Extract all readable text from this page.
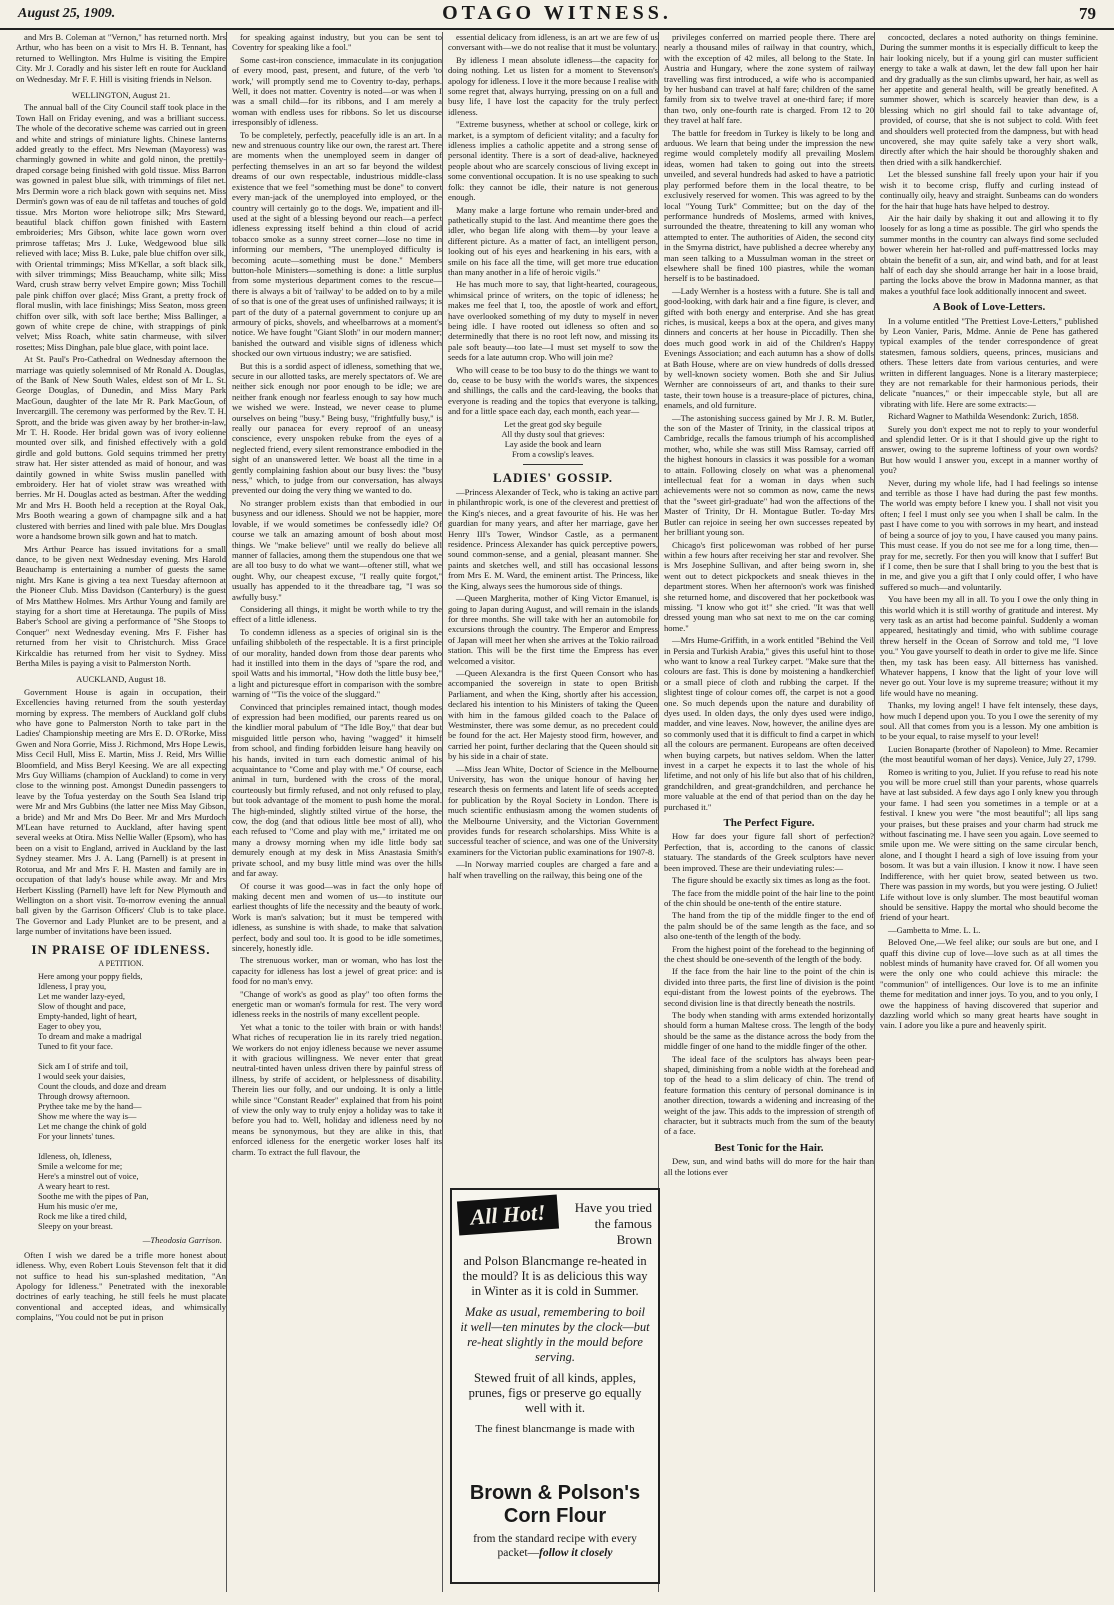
August 25, 1909.	OTAGO WITNESS.	79

and Mrs B. Coleman at "Vernon," has returned north. Mrs Arthur, who has been on a visit to Mrs H. B. Tennant, has returned to Wellington. Mrs Hulme is visiting the Empire City. Mr J. Coradly and his sister left en route for Auckland on Wednesday. Mr F. F. Hill is visiting friends in Nelson.

WELLINGTON, August 21.

The annual ball of the City Council staff took place in the Town Hall on Friday evening, and was a brilliant success. The whole of the decorative scheme was carried out in green and white and strings of miniature lights. Chinese lanterns added greatly to the effect. Mrs Newman (Mayoress) was charmingly gowned in white and gold ninon, the prettily-draped corsage being finished with gold tissue. Miss Barron was gowned in palest blue silk, with trimmings of filet net. Mrs Dermin wore a rich black gown with sequins net. Miss Dermin's gown was of eau de nil taffetas and touches of gold tissue. Mrs Morton wore heliotrope silk; Mrs Steward, beautiful black chiffon gown finished with Eastern embroideries; Mrs Gibson, white lace gown worn over primrose taffetas; Mrs J. Luke, Wedgewood blue silk relieved with lace; Miss B. Luke, pale blue chiffon over silk, with Oriental trimmings; Miss M'Kellar, a soft black silk, with silver trimmings; Miss Beauchamp, white silk; Miss Ward, crush straw berry velvet Empire gown; Miss Tochill pale pink chiffon over glacé; Miss Grant, a pretty frock of floral muslin, with lace finishings; Miss Seaton, moss green chiffon over silk, with soft lace berthe; Miss Ballinger, a gown of white crepe de chine, with strappings of pink velvet; Miss Roach, white satin charmeuse, with silver rosettes; Miss Dinghan, pale blue glace, with point lace.

At St. Paul's Pro-Cathedral on Wednesday afternoon the marriage was quietly solemnised of Mr Ronald A. Douglas, of the Bank of New South Wales, eldest son of Mr L. St. George Douglas, of Dunedin, and Miss Mary Park MacGoun, daughter of the late Mr R. Park MacGoun, of Invercargill. The ceremony was performed by the Rev. T. H. Sprott, and the bride was given away by her brother-in-law, Mr T. H. Roode. Her bridal gown was of ivory eolienne mounted over silk, and finished effectively with a gold girdle and gold buttons. Gold sequins trimmed her pretty straw hat. Her sister attended as maid of honour, and was daintily gowned in white Swiss muslin panelled with embroidery. Her hat of violet straw was wreathed with berries. Mr H. Douglas acted as bestman. After the wedding Mr and Mrs H. Booth held a reception at the Royal Oak, Mrs Booth wearing a gown of champagne silk and a hat clustered with berries and lined with pale blue. Mrs Douglas wore a handsome brown silk gown and hat to match.

Mrs Arthur Pearce has issued invitations for a small dance, to be given next Wednesday evening. Mrs Harold Beauchamp is entertaining a number of guests the same night. Mrs Kane is giving a tea next Tuesday afternoon at the Pioneer Club. Miss Davidson (Canterbury) is the guest of Mrs Matthew Holmes. Mrs Arthur Young and family are staying for a short time at Heretaunga. The pupils of Miss Baber's School are giving a performance of "She Stoops to Conquer" next Wednesday evening. Mrs F. Fisher has returned from her visit to Christchurch. Miss Grace Kirkcaldie has returned from her visit to Sydney. Miss Bertha Miles is paying a visit to Palmerston North.

AUCKLAND, August 18.

Government House is again in occupation, their Excellencies having returned from the south yesterday morning by express. The members of Auckland golf clubs who have gone to Palmerston North to take part in the Ladies' Championship meeting are Mrs E. D. O'Rorke, Miss Gwen and Nora Gorrie, Miss J. Richmond, Mrs Hope Lewis, Miss Cecil Hull, Miss E. Martin, Miss J. Reid, Mrs Willie Bloomfield, and Miss Beryl Keesing. We are all expecting Mrs Guy Williams (champion of Auckland) to come in very close to the winning post. Amongst Dunedin passengers to leave by the Tofua yesterday on the South Sea Island trip were Mr and Mrs Gubbins (the latter nee Miss May Gibson, a bride) and Mr and Mrs Do Beer. Mr and Mrs Murdoch M'Lean have returned to Auckland, after having spent several weeks at Otira. Miss Nellie Waller (Epsom), who has been on a visit to England, arrived in Auckland by the last Sydney steamer. Mrs J. A. Lang (Parnell) is at present in Rotorua, and Mr and Mrs F. H. Masten and family are in occupation of that lady's house while away. Mr and Mrs Herbert Kissling (Parnell) have left for New Plymouth and Wellington on a short visit. To-morrow evening the annual ball given by the Garrison Officers' Club is to take place. The Governor and Lady Plunket are to be present, and a large number of invitations have been issued.

IN PRAISE OF IDLENESS.
A PETITION.
Here among your poppy fields,
Idleness, I pray you,
Let me wander lazy-eyed,
Slow of thought and pace,
Empty-handed, light of heart,
Eager to obey you,
To dream and make a madrigal
Tuned to fit your face.

Sick am I of strife and toil,
I would seek your daisies,
Count the clouds, and doze and dream
Through drowsy afternoon.
Prythee take me by the hand—
Show me where the way is—
Let me change the chink of gold
For your linnets' tunes.

Idleness, oh, Idleness,
Smile a welcome for me;
Here's a minstrel out of voice,
A weary heart to rest.
Soothe me with the pipes of Pan,
Hum his music o'er me,
Rock me like a tired child,
Sleepy on your breast.
—Theodosia Garrison.

Often I wish we dared be a trifle more honest about idleness. Why, even Robert Louis Stevenson felt that it did not suffice to head his sun-splashed meditation, "An Apology for Idleness." Penetrated with the inexorable doctrines of early teaching, he still feels he must placate conventional and accepted ideas, and whimsically complains, "You could not be put in prison

for speaking against industry, but you can be sent to Coventry for speaking like a fool."

Some cast-iron conscience, immaculate in its conjugation of every mood, past, present, and future, of the verb 'to work,' will promptly send me to Coventry to-day, perhaps. Well, it does not matter. Coventry is noted—or was when I was a small child—for its ribbons, and I am merely a woman with endless uses for ribbons. So let us discourse irresponsibly of idleness.

To be completely, perfectly, peacefully idle is an art. In a new and strenuous country like our own, the rarest art. There are moments when the unemployed seem in danger of perfecting themselves in an art so far beyond the wildest dreams of our own respectable, industrious middle-class existence that we feel "something must be done" to convert every man-jack of the unemployed into employed, or the country will certainly go to the dogs. We, impatient and ill-used at the sight of a blessing beyond our reach—a perfect idleness expressing itself behind a thin cloud of acrid tobacco smoke as a sunny street corner—lose no time in informing our members, "The unemployed difficulty is becoming acute—something must be done." Members button-hole Ministers—something is done: a little surplus from some mysterious department comes to the rescue—there is always a bit of 'railway' to be added on to by a mile of so that is one of the great uses of unfinished railways; it is part of the duty of a paternal government to conjure up an armoury of picks, shovels, and wheelbarrows at a moment's notice. We have fought "Giant Sloth" in our modern manner; banished the outward and visible signs of idleness which shocked our own virtuous industry; we are satisfied.

But this is a sordid aspect of idleness, something that we, secure in our allotted tasks, are merely spectators of. We are neither sick enough nor poor enough to be idle; we are neither frank enough nor fearless enough to say how much we wished we were. Instead, we never cease to plume ourselves on being "busy." Being busy, "frightfully busy," is really our panacea for every reproof of an uneasy conscience, every unspoken rebuke from the eyes of a neglected friend, every silent remonstrance embodied in the sight of an unanswered letter. We boast all the time in a gently complaining fashion about our busy lives: the "busy ness," which, to judge from our conversation, has always prevented our doing the very thing we wanted to do.

No stranger problem exists than that embodied in our busyness and our idleness. Should we not be happier, more lovable, if we would sometimes be confessedly idle? Of course we talk an amazing amount of bosh about most things. We "make believe" until we really do believe all manner of fallacies, among them the stupendous one that we are all too busy to do what we want—oftener still, what we ought. Why, our cheapest excuse, "I really quite forgot," usually has appended to it the threadbare tag, "I was so awfully busy."

Considering all things, it might be worth while to try the effect of a little idleness.

To condemn idleness as a species of original sin is the unfailing shibboleth of the respectable. It is a first principle of our morality, handed down from those dear parents who had it instilled into them in the days of "spare the rod, and spoil Watts and his immortal, "How doth the little busy bee," a light and picturesque effort in comparison with the sombre warning of "'Tis the voice of the sluggard."

Convinced that principles remained intact, though modes of expression had been modified, our parents reared us on the kindlier moral pabulum of "The Idle Boy," that dear but misguided little person who, having "wagged" it himself from school, and finding forbidden leisure hang heavily on his hands, invited in turn each domestic animal of his acquaintance to "Come and play with me." Of course, each animal in turn, burdened with the cross of the moral, courteously but firmly refused, and not only refused to play, but took advantage of the moment to push home the moral. The high-minded, slightly stilted virtue of the horse, the cow, the dog (and that odious little bee most of all), who each refused to "Come and play with me," irritated me on many a drowsy morning when my idle little body sat demurely enough at my desk in Miss Anastasia Smith's private school, and my busy little mind was over the hills and far away.

Of course it was good—was in fact the only hope of making decent men and women of us—to institute our earliest thoughts of life the necessity and the beauty of work. Work is man's salvation; but it must be tempered with idleness, as sunshine is with shade, to make that salvation perfect, body and soul too. It is good to be idle sometimes, sincerely, honestly idle.

The strenuous worker, man or woman, who has lost the capacity for idleness has lost a jewel of great price: and is food for no man's envy.

"Change of work's as good as play" too often forms the energetic man or woman's formula for rest. The very word idleness reeks in the nostrils of many excellent people.

Yet what a tonic to the toiler with brain or with hands! What riches of recuperation lie in its rarely tried negation. We workers do not enjoy idleness because we never assume it with gracious willingness. We never enter that great neutral-tinted haven unless driven there by painful stress of illness, by strife of accident, or helplessness of disability. Therein lies our folly, and our undoing. It is only a little while since "Constant Reader" explained that from his point of view the only way to truly enjoy a holiday was to take it before you had to. Well, holiday and idleness need by no means be synonymous, but they are alike in this, that enforced idleness for the energetic worker loses half its charm. To extract the full flavour, the

essential delicacy from idleness, is an art we are few of us conversant with—we do not realise that it must be voluntary.

By idleness I mean absolute idleness—the capacity for doing nothing. Let us listen for a moment to Stevenson's apology for idleness. I love it the more because I realise with some regret that, always hurrying, pressing on on a full and busy life, I have lost the capacity for the truly perfect idleness.

"Extreme busyness, whether at school or college, kirk or market, is a symptom of deficient vitality; and a faculty for idleness implies a catholic appetite and a strong sense of personal identity. There is a sort of dead-alive, hackneyed people about who are scarcely conscious of living except in some conventional occupation. It is no use speaking to such folk: they cannot be idle, their nature is not generous enough.

Many make a large fortune who remain under-bred and pathetically stupid to the last. And meantime there goes the idler, who began life along with them—by your leave a different picture. As a matter of fact, an intelligent person, looking out of his eyes and hearkening in his ears, with a smile on his face all the time, will get more true education than many another in a life of heroic vigils."

He has much more to say, that light-hearted, courageous, whimsical prince of writers, on the topic of idleness; he makes me feel that I, too, the apostle of work and effort, have overlooked something of my duty to myself in never being idle. I have rooted out idleness so often and so determinedly that there is no root left now, and missing its pale soft beauty—too late—I must set myself to sow the seeds for a late autumn crop. Who will join me?

Who will cease to be too busy to do the things we want to do, cease to be busy with the world's wares, the sixpences and shillings, the calls and the card-leaving, the books that everyone is reading and the topics that everyone is talking, and for a little space each day, each month, each year—

Let the great god sky beguile
All thy dusty soul that grieves:
Lay aside the book and learn
From a cowslip's leaves.
LADIES' GOSSIP.

—Princess Alexander of Teck, who is taking an active part in philanthropic work, is one of the cleverest and prettiest of the King's nieces, and a great favourite of his. He was her guardian for many years, and after her marriage, gave her Henry III's Tower, Windsor Castle, as a permanent residence. Princess Alexander has quick perceptive powers, sound common-sense, and a genial, pleasant manner. She paints and sketches well, and still has occasional lessons from Mrs E. M. Ward, the eminent artist. The Princess, like the King, always sees the humorous side of things.

—Queen Margherita, mother of King Victor Emanuel, is going to Japan during August, and will remain in the islands for three months. She will take with her an automobile for excursions through the country. The Emperor and Empress of Japan will meet her when she arrives at the Tokio railroad station. This will be the first time the Empress has ever welcomed a visitor.

—Queen Alexandra is the first Queen Consort who has accompanied the sovereign in state to open British Parliament, and when the King, shortly after his accession, declared his intention to his Ministers of taking the Queen with him in the famous gilded coach to the Palace of Westminster, there was some demur, as no precedent could be found for the act. Her Majesty stood firm, however, and carried her point, further declaring that the Queen should sit by his side in a chair of state.

—Miss Jean White, Doctor of Science in the Melbourne University, has won the unique honour of having her research thesis on ferments and latent life of seeds accepted for publication by the Royal Society in London. There is much scientific enthusiasm among the women students of the Melbourne University, and the Victorian Government provides funds for research scholarships. Miss White is a successful teacher of science, and was one of the University examiners for the Victorian public examinations for 1907-8.

—In Norway married couples are charged a fare and a half when travelling on the railway, this being one of the

All Hot!	Have you tried the famous Brown
and Polson Blancmange re-heated in the mould? It is as delicious this way in Winter as it is cold in Summer.
Make as usual, remembering to boil it well—ten minutes by the clock—but re-heat slightly in the mould before serving.
Stewed fruit of all kinds, apples, prunes, figs or preserve go equally well with it.
The finest blancmange is made with
Brown & Polson's Corn Flour
from the standard recipe with every packet—follow it closely

privileges conferred on married people there. There are nearly a thousand miles of railway in that country, which, with the exception of 42 miles, all belong to the State. In Austria and Hungary, where the zone system of railway travelling was first introduced, a wife who is accompanied by her husband can travel at half fare; children of the same family from six to twelve travel at one-third fare; if more than two, only one-fourth rate is charged. From 12 to 20 they travel at half fare.

The battle for freedom in Turkey is likely to be long and arduous. We learn that being under the impression the new regime would completely modify all prevailing Moslem ideas, women had taken to going out into the streets unveiled, and several hundreds had asked to have a patriotic play performed before them in the local theatre, to be exclusively reserved for women. This was agreed to by the local "Young Turk" Committee; but on the day of the performance hundreds of Moslems, armed with knives, surrounded the theatre, threatening to kill any woman who attempted to enter. The authorities of Aiden, the second city in the Smyrna district, have published a decree whereby any man seen talking to a Mussulman woman in the street or elsewhere shall be fined 100 piastres, while the woman herself is to be bastinadoed.

—Lady Wernher is a hostess with a future. She is tall and good-looking, with dark hair and a fine figure, is clever, and gifted with both energy and enterprise. And she has great riches, is musical, keeps a box at the opera, and gives many dinners and concerts at her house in Piccadilly. Then she does much good work in aid of the Children's Happy Evenings Association; and each autumn has a show of dolls at Bath House, where are on view hundreds of dolls dressed by well-known society women. Both she and Sir Julius Wernher are connoisseurs of art, and thanks to their sure taste, their town house is a treasure-place of pictures, china, enamels, and old furniture.

—The astonishing success gained by Mr J. R. M. Butler, the son of the Master of Trinity, in the classical tripos at Cambridge, recalls the famous triumph of his accomplished mother, who, while she was still Miss Ramsay, carried off the highest honours in classics it was possible for a woman to attain. Following closely on what was a phenomenal intellectual feat for a woman in days when such achievements were not so common as now, came the news that the "sweet girl-graduate" had won the affections of the Master of Trinity, Dr H. Montague Butler. To-day Mrs Butler can rejoice in seeing her own successes repeated by her brilliant young son.

Chicago's first policewoman was robbed of her purse within a few hours after receiving her star and revolver. She is Mrs Josephine Sullivan, and after being sworn in, she went out to detect pickpockets and sneak thieves in the department stores. When her afternoon's work was finished she returned home, and discovered that her pocketbook was missing. "I know who got it!" she cried. "It was that well dressed young man who sat next to me on the car coming home."

—Mrs Hume-Griffith, in a work entitled "Behind the Veil in Persia and Turkish Arabia," gives this useful hint to those who want to know a real Turkey carpet. "Make sure that the colours are fast. This is done by moistening a handkerchief or a small piece of cloth and rubbing the carpet. If the slightest tinge of colour comes off, the carpet is not a good one. So much depends upon the nature and durability of dyes used. In olden days, the only dyes used were indigo, madder, and vine leaves. Now, however, the aniline dyes are so commonly used that it is difficult to find a carpet in which all the colours are permanent. Europeans are often deceived when buying carpets, but natives seldom. When the latter invest in a carpet he expects it to last the whole of his lifetime, and not only of his life but also that of his children, grandchildren, and great-grandchildren, and perchance he more valuable at the end of that period than on the day he purchased it."

The Perfect Figure.

How far does your figure fall short of perfection? Perfection, that is, according to the canons of classic statuary. The standards of the Greek sculptors have never been improved. These are their undeviating rules:—

The figure should be exactly six times as long as the foot.

The face from the middle point of the hair line to the point of the chin should be one-tenth of the entire stature.

The hand from the tip of the middle finger to the end of the palm should be of the same length as the face, and so also one-tenth of the length of the body.

From the highest point of the forehead to the beginning of the chest should be one-seventh of the length of the body.

If the face from the hair line to the point of the chin is divided into three parts, the first line of division is the point equi-distant from the lowest points of the eyebrows. The second division line is that directly beneath the nostrils.

The body when standing with arms extended horizontally should form a human Maltese cross. The length of the body should be the same as the distance across the body from the middle finger of one hand to the middle finger of the other.

The ideal face of the sculptors has always been pear-shaped, diminishing from a noble width at the forehead and top of the head to a slim delicacy of chin. The trend of feature formation this century of personal dominance is in another direction, towards a widening and increasing of the weight of the jaw. This adds to the impression of strength of character, but it subtracts much from the sum of the beauty of a face.

Best Tonic for the Hair.

Dew, sun, and wind baths will do more for the hair than all the lotions ever

concocted, declares a noted authority on things feminine. During the summer months it is especially difficult to keep the hair looking nicely, but if a young girl can muster sufficient energy to take a walk at dawn, let the dew fall upon her hair and dry gradually as the sun climbs upward, her hair, as well as her appetite and general health, will be greatly benefited. A summer shower, which is scarcely heavier than dew, is a blessing which no girl should fail to take advantage of, provided, of course, that she is not subject to cold. With feet and shoulders well protected from the dampness, but with head uncovered, she may quite safely take a very short walk, directly after which the hair should be thoroughly shaken and then dried with a silk handkerchief.

Let the blessed sunshine fall freely upon your hair if you wish it to become crisp, fluffy and curling instead of continually oily, heavy and straight. Sunbeams can do wonders for the hair that huge hats have helped to destroy.

Air the hair daily by shaking it out and allowing it to fly loosely for as long a time as possible. The girl who spends the summer months in the country can always find some secluded bower wherein her hat-rolled and puff-mattressed locks may obtain the benefit of a sun, air, and wind bath, and for at least half of each day she should arrange her hair in a loose braid, parting the locks above the brow in Madonna manner, as that makes a youthful face look additionally innocent and sweet.

A Book of Love-Letters.

In a volume entitled "The Prettiest Love-Letters," published by Leon Vanier, Paris, Mdme. Annie de Pene has gathered typical examples of the tender correspondence of great statesmen, famous soldiers, queens, princes, musicians and others. These letters date from various centuries, and were written in different languages. None is a literary masterpiece; they are not remarkable for their harmonious periods, their delicate "nuances," or their impeccable style, but all are vibrating with life. Here are some extracts:—

Richard Wagner to Mathilda Wesendonk: Zurich, 1858.

Surely you don't expect me not to reply to your wonderful and splendid letter. Or is it that I should give up the right to answer, owing to the supreme loftiness of your own words? But how would I answer you, except in a manner worthy of you?

Never, during my whole life, had I had feelings so intense and terrible as those I have had during the past few months. The world was empty before I knew you. I shall not visit you often; I feel I must only see you when I shall be calm. In the past I have come to you with sorrows in my heart, and instead of being a source of joy to you, I have caused you many pains. This must cease. If you do not see me for a long time, then—pray for me, secretly. For then you will know that I suffer! But if I come, then be sure that I shall bring to you the best that is in me, and give you a gift that I only could offer, I who have suffered so much—and voluntarily.

You have been my all in all. To you I owe the only thing in this world which it is still worthy of gratitude and interest. My very task as an artist had become painful. Suddenly a woman appeared, hesitatingly and timid, who with sublime courage threw herself in the Ocean of Sorrow and told me, "I love you." You gave yourself to death in order to give me life. Since then, my task has been easy. All bitterness has vanished. Whatever happens, I know that the light of your love will never go out. Your love is my supreme treasure; without it my life would have no meaning.

Thanks, my loving angel! I have felt intensely, these days, how much I depend upon you. To you I owe the serenity of my soul. All that comes from you is a lesson. My one ambition is to be your equal, to raise myself to your level!

Lucien Bonaparte (brother of Napoleon) to Mme. Recamier (the most beautiful woman of her days). Venice, July 27, 1799.

Romeo is writing to you, Juliet. If you refuse to read his note you will be more cruel still than your parents, whose quarrels have at last subsided. A few days ago I only knew you through your fame. I had seen you sometimes in a temple or at a festival. I knew you were "the most beautiful"; all lips sang your praises, but these praises and your charm had struck me without fascinating me. I have seen you again. Love seemed to smile upon me. We were sitting on the same circular bench, alone, and I thought I heard a sigh of love issuing from your bosom. It was but a vain illusion. I know it now. I have seen Indifference, with her quiet brow, seated between us two. There was passion in my words, but you were jesting. O Juliet! Life without love is only slumber. The most beautiful woman should be sensitive. Happy the mortal who should become the friend of your heart.

—Gambetta to Mme. L. L.

Beloved One,—We feel alike; our souls are but one, and I quaff this divine cup of love—love such as at all times the noblest minds of humanity have craved for. Of all women you were the only one who could achieve this miracle: the "communion" of intelligences. Our love is to me an infinite theme for meditation and inner joys. To you, and to you only, I owe the happiness of having discovered that superior and dazzling world which so many great hearts have sought in vain. I adore you like a pure and heavenly spirit.
